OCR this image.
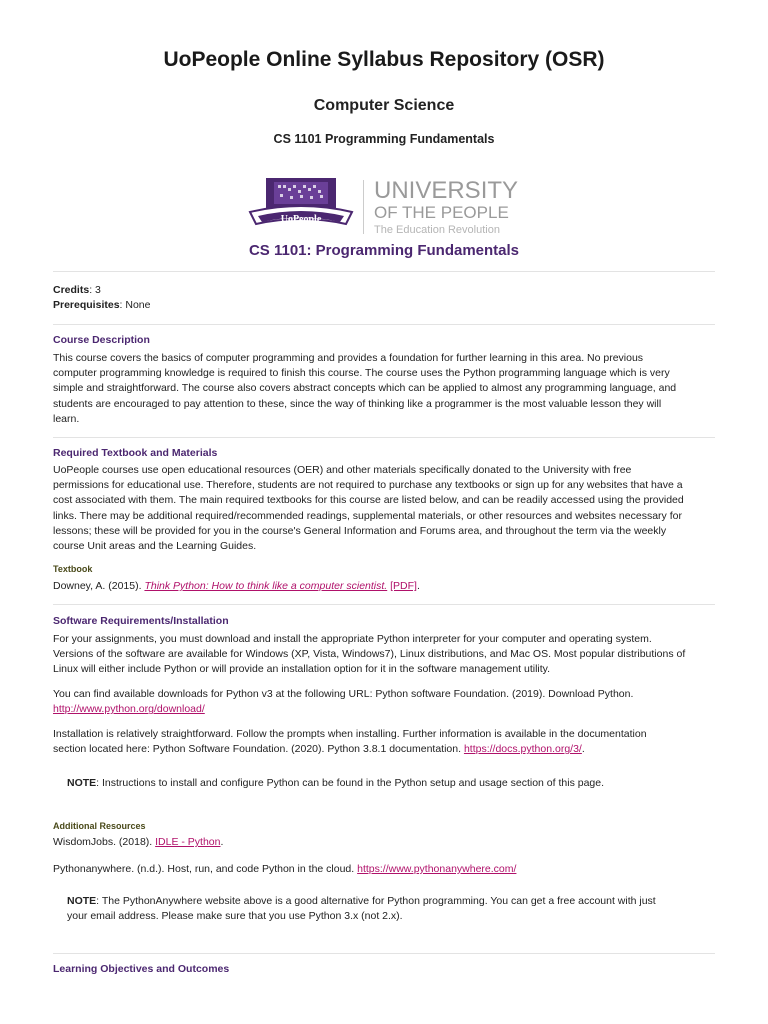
UoPeople Online Syllabus Repository (OSR)
Computer Science
CS 1101 Programming Fundamentals
UoPeople
UNIVERSITY
OF THE PEOPLE
The Education Revolution
CS 1101: Programming Fundamentals
Credits: 3
Prerequisites: None
Course Description
This course covers the basics of computer programming and provides a foundation for further learning in this area. No previous
computer programming knowledge is required to finish this course. The course uses the Python programming language which is very
simple and straightforward. The course also covers abstract concepts which can be applied to almost any programming language, and
students are encouraged to pay attention to these, since the way of thinking like a programmer is the most valuable lesson they will
learn.
Required Textbook and Materials
UoPeople courses use open educational resources (OER) and other materials specifically donated to the University with free
permissions for educational use. Therefore, students are not required to purchase any textbooks or sign up for any websites that have a
cost associated with them. The main required textbooks for this course are listed below, and can be readily accessed using the provided
links. There may be additional required/recommended readings, supplemental materials, or other resources and websites necessary for
lessons; these will be provided for you in the course's General Information and Forums area, and throughout the term via the weekly
course Unit areas and the Learning Guides.
Textbook
Downey, A. (2015). Think Python: How to think like a computer scientist. [PDF].
Software Requirements/Installation
For your assignments, you must download and install the appropriate Python interpreter for your computer and operating system.
Versions of the software are available for Windows (XP, Vista, Windows7), Linux distributions, and Mac OS. Most popular distributions of
Linux will either include Python or will provide an installation option for it in the software management utility.
You can find available downloads for Python v3 at the following URL: Python software Foundation. (2019). Download Python.
http://www.python.org/download/
Installation is relatively straightforward. Follow the prompts when installing. Further information is available in the documentation
section located here: Python Software Foundation. (2020). Python 3.8.1 documentation. https://docs.python.org/3/.
NOTE: Instructions to install and configure Python can be found in the Python setup and usage section of this page.
Additional Resources
WisdomJobs. (2018). IDLE - Python.
Pythonanywhere. (n.d.). Host, run, and code Python in the cloud. https://www.pythonanywhere.com/
NOTE: The PythonAnywhere website above is a good alternative for Python programming. You can get a free account with just
your email address. Please make sure that you use Python 3.x (not 2.x).
Learning Objectives and Outcomes
